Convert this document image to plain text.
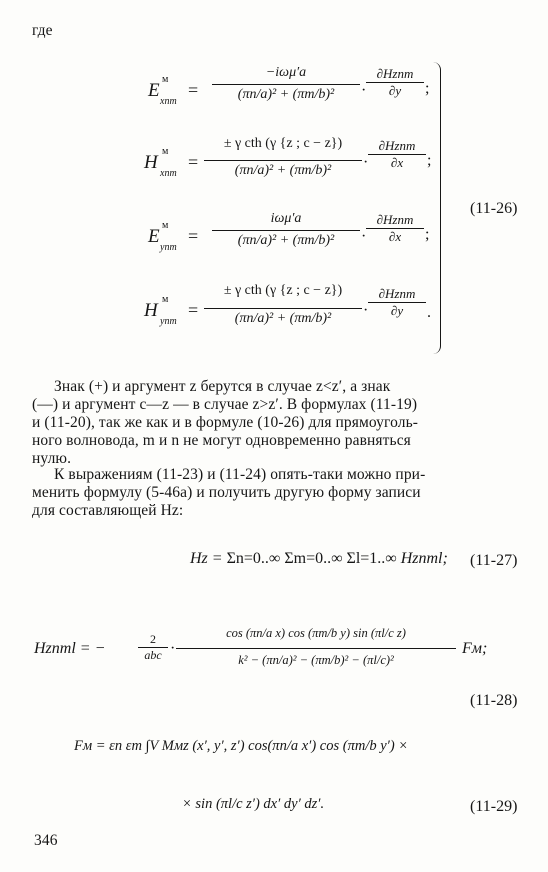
где
E
м
xnm
=
−iωμ′a
(πn/a)² + (πm/b)²	·
∂Hznm
∂y	;
H
м
xnm
=
± γ cth (γ {z ; c − z})
(πn/a)² + (πm/b)²	·
∂Hznm
∂x	;
E
м
ynm
=
iωμ′a
(πn/a)² + (πm/b)²	·
∂Hznm
∂x	;
H
м
ynm
=
± γ cth (γ {z ; c − z})
(πn/a)² + (πm/b)²	·
∂Hznm
∂y	.
(11-26)
Знак (+) и аргумент z берутся в случае z<z′, а знак
(—) и аргумент c—z — в случае z>z′. В формулах (11-19)
и (11-20), так же как и в формуле (10-26) для прямоуголь-
ного волновода, m и n не могут одновременно равняться
нулю.
К выражениям (11-23) и (11-24) опять-таки можно при-
менить формулу (5-46а) и получить другую форму записи
для составляющей Hz:
Hz = Σn=0..∞ Σm=0..∞ Σl=1..∞ Hznml; (11-27)
Hznml = −
2
abc · $\frac{\text{cos (πn/a x) cos (πm/b y) sin (πl/c z)}}{\text{k² − (πn/a)² − (πm/b)² − (πl/c)²}}$ Fм;
(11-28)
Fм = εn εm ∫V Mмz (x′, y′, z′) cos(πn/a x′) cos (πm/b y′) ×
× sin (πl/c z′) dx′ dy′ dz′.	(11-29)
346
